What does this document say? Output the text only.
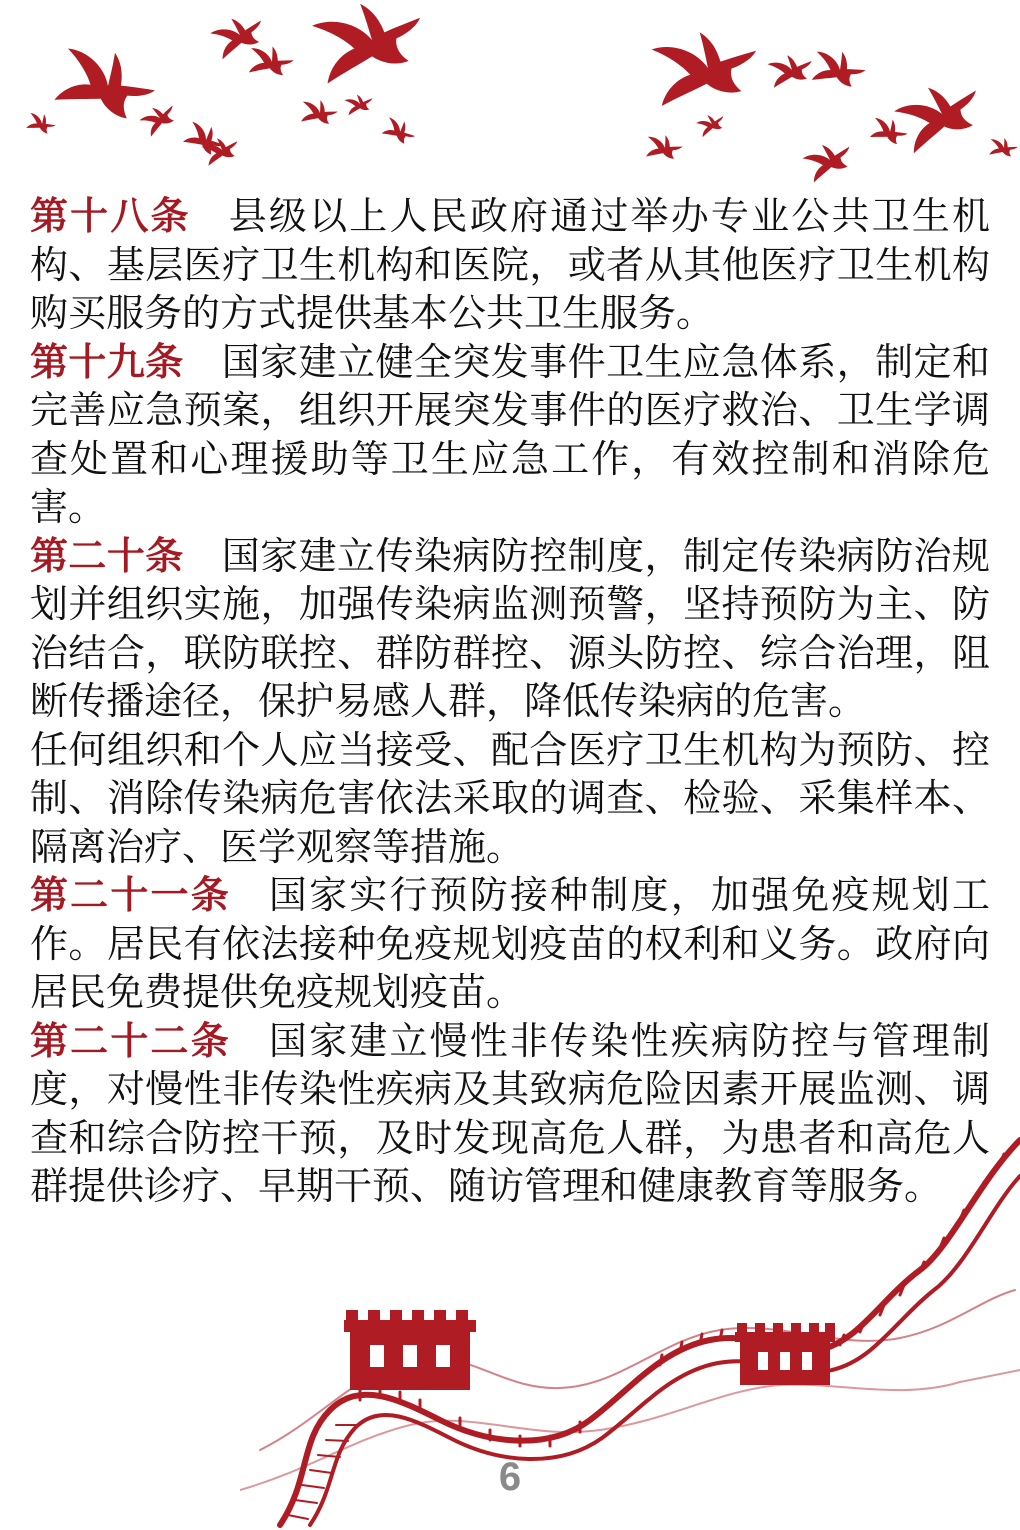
第十八条 县级以上人民政府通过举办专业公共卫生机构、基层医疗卫生机构和医院，或者从其他医疗卫生机构购买服务的方式提供基本公共卫生服务。

第十九条 国家建立健全突发事件卫生应急体系，制定和完善应急预案，组织开展突发事件的医疗救治、卫生学调查处置和心理援助等卫生应急工作，有效控制和消除危害。

第二十条 国家建立传染病防控制度，制定传染病防治规划并组织实施，加强传染病监测预警，坚持预防为主、防治结合，联防联控、群防群控、源头防控、综合治理，阻断传播途径，保护易感人群，降低传染病的危害。

任何组织和个人应当接受、配合医疗卫生机构为预防、控制、消除传染病危害依法采取的调查、检验、采集样本、隔离治疗、医学观察等措施。

第二十一条 国家实行预防接种制度，加强免疫规划工作。居民有依法接种免疫规划疫苗的权利和义务。政府向居民免费提供免疫规划疫苗。

第二十二条 国家建立慢性非传染性疾病防控与管理制度，对慢性非传染性疾病及其致病危险因素开展监测、调查和综合防控干预，及时发现高危人群，为患者和高危人群提供诊疗、早期干预、随访管理和健康教育等服务。

6
